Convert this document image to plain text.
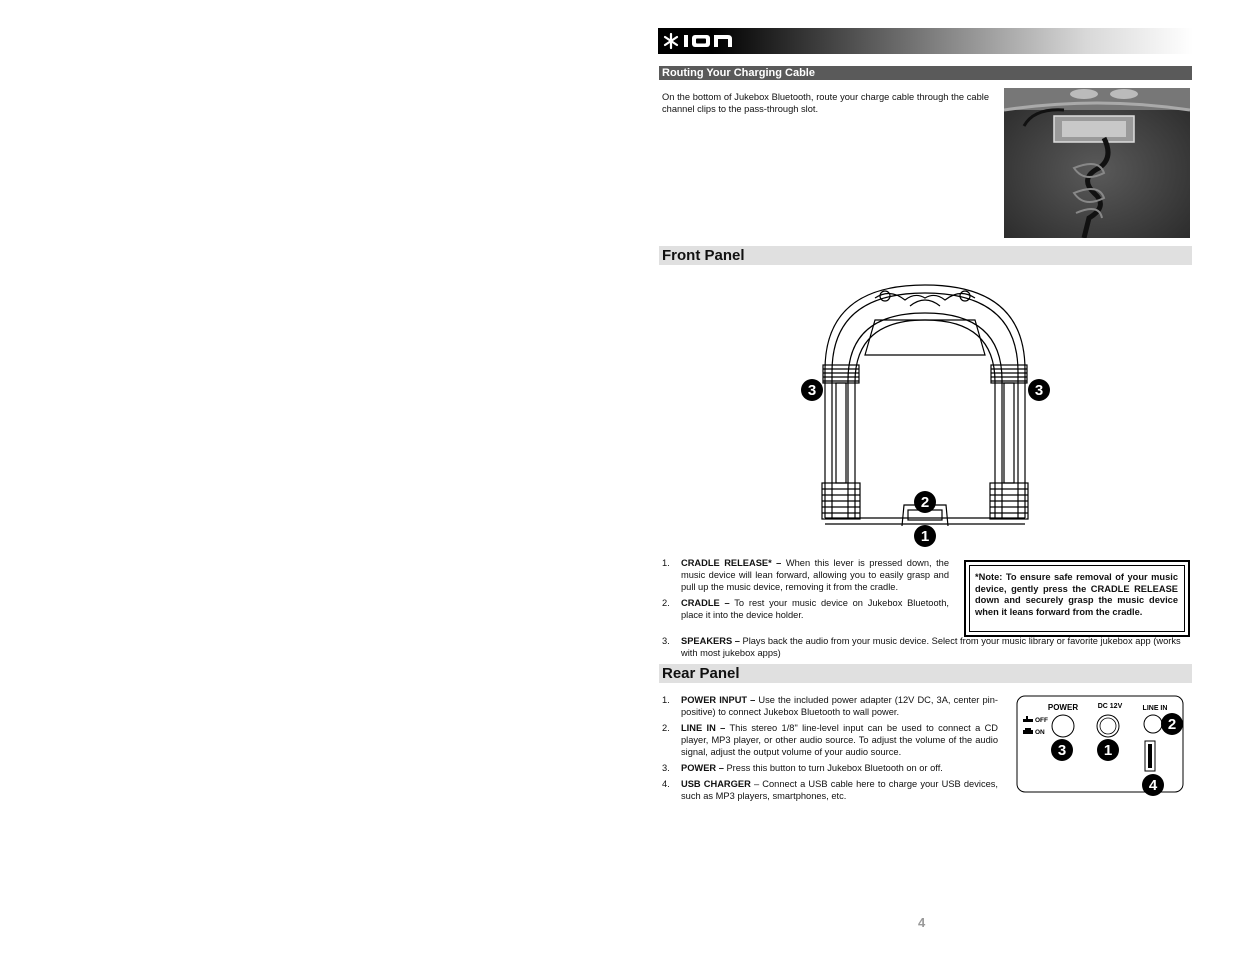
Routing Your Charging Cable
On the bottom of Jukebox Bluetooth, route your charge cable through the cable channel clips to the pass-through slot.
Front Panel
3	3
2
1
1. CRADLE RELEASE* – When this lever is pressed down, the music device will lean forward, allowing you to easily grasp and pull up the music device, removing it from the cradle.
2. CRADLE – To rest your music device on Jukebox Bluetooth, place it into the device holder.
3. SPEAKERS – Plays back the audio from your music device. Select from your music library or favorite jukebox app (works with most jukebox apps)
*Note: To ensure safe removal of your music device, gently press the CRADLE RELEASE down and securely grasp the music device when it leans forward from the cradle.
Rear Panel
1. POWER INPUT – Use the included power adapter (12V DC, 3A, center pin-positive) to connect Jukebox Bluetooth to wall power.
2. LINE IN – This stereo 1/8" line-level input can be used to connect a CD player, MP3 player, or other audio source. To adjust the volume of the audio signal, adjust the output volume of your audio source.
3. POWER – Press this button to turn Jukebox Bluetooth on or off.
4. USB CHARGER – Connect a USB cable here to charge your USB devices, such as MP3 players, smartphones, etc.
POWER	DC 12V	LINE IN
OFF
ON
3	1
2
4
4
